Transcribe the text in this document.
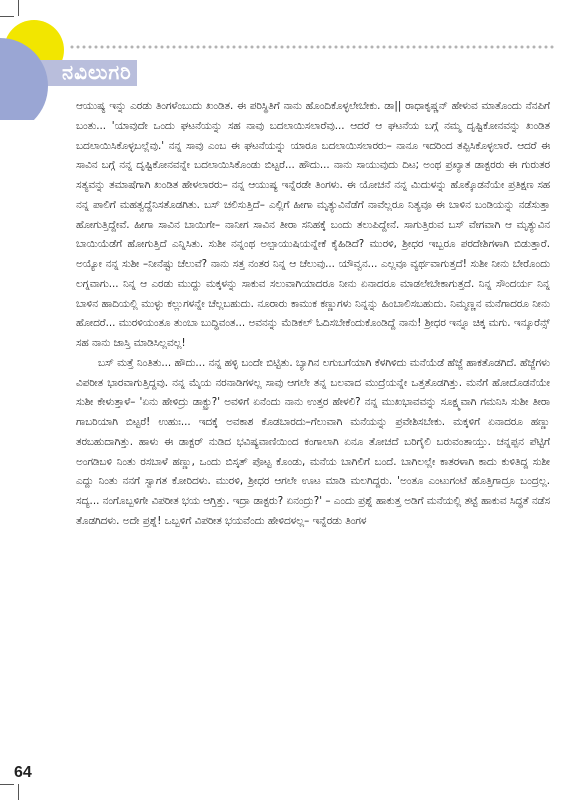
ನವಿಲುಗರಿ

ಆಯುಷ್ಯ ಇನ್ನು ಎರಡು ತಿಂಗಳೆಂಬುದು ಖಂಡಿತ. ಈ ಪರಿಸ್ಥಿತಿಗೆ ನಾನು ಹೊಂದಿಕೊಳ್ಳಲೇಬೇಕು. ಡಾ|| ರಾಧಾಕೃಷ್ಣನ್ ಹೇಳುವ ಮಾತೊಂದು ನೆನಪಿಗೆ ಬಂತು... 'ಯಾವುದೇ ಒಂದು ಘಟನೆಯನ್ನು ಸಹ ನಾವು ಬದಲಾಯಿಸಲಾರೆವು... ಆದರೆ ಆ ಘಟನೆಯ ಬಗ್ಗೆ ನಮ್ಮ ದೃಷ್ಟಿಕೋನವನ್ನು ಖಂಡಿತ ಬದಲಾಯಿಸಿಕೊಳ್ಳಬಲ್ಲೆವು.' ನನ್ನ ಸಾವು ಎಂಬ ಈ ಘಟನೆಯನ್ನು ಯಾರೂ ಬದಲಾಯಿಸಲಾರರು– ನಾನೂ ಇದರಿಂದ ತಪ್ಪಿಸಿಕೊಳ್ಳಲಾರೆ. ಆದರೆ ಈ ಸಾವಿನ ಬಗ್ಗೆ ನನ್ನ ದೃಷ್ಟಿಕೋನವನ್ನೇ ಬದಲಾಯಿಸಿಕೊಂಡು ಬಿಟ್ಟರೆ... ಹೌದು... ನಾನು ಸಾಯುವುದು ದಿಟ; ಅಂಥ ಪ್ರಖ್ಯಾತ ಡಾಕ್ಟರರು ಈ ಗುರುತರ ಸತ್ಯವನ್ನು ತಮಾಷೆಗಾಗಿ ಖಂಡಿತ ಹೇಳಲಾರರು– ನನ್ನ ಆಯುಷ್ಯ ಇನ್ನೆರಡೇ ತಿಂಗಳು. ಈ ಯೋಚನೆ ನನ್ನ ಮಿದುಳನ್ನು ಹೊಕ್ಕೊಡನೆಯೇ ಪ್ರತಿಕ್ಷಣ ಸಹ ನನ್ನ ಪಾಲಿಗೆ ಮಹತ್ವದ್ದೆನಿಸತೊಡಗಿತು. ಬಸ್ ಚಲಿಸುತ್ತಿದೆ– ಎಲ್ಲಿಗೆ ಹೀಗಾ ಮೃತ್ಯುವಿನೆಡೆಗೆ ನಾವೆಲ್ಲರೂ ನಿತ್ಯವೂ ಈ ಬಾಳಿನ ಬಂಡಿಯನ್ನು ನಡೆಸುತ್ತಾ ಹೋಗುತ್ತಿದ್ದೇವೆ. ಹೀಗಾ ಸಾವಿನ ಬಾಯಿಗೇ– ನಾನೀಗ ಸಾವಿನ ತೀರಾ ಸನಿಹಕ್ಕೆ ಬಂದು ತಲುಪಿದ್ದೇನೆ. ಸಾಗುತ್ತಿರುವ ಬಸ್ ವೇಗವಾಗಿ ಆ ಮೃತ್ಯುವಿನ ಬಾಯಿಯೆಡೆಗೆ ಹೋಗುತ್ತಿದೆ ಎನ್ನಿಸಿತು. ಸುಶೀ ನನ್ನಂಥ ಅಲ್ಪಾಯುಷಿಯನ್ನೇಕೆ ಕೈಹಿಡಿದೆ? ಮುರಳಿ, ಶ್ರೀಧರ ಇಬ್ಬರೂ ಪರದೇಶಿಗಳಾಗಿ ಬಿಡುತ್ತಾರೆ. ಅಯ್ಯೋ ನನ್ನ ಸುಶೀ –ನೀನೆಷ್ಟು ಚೆಲುವೆ? ನಾನು ಸತ್ತ ನಂತರ ನಿನ್ನ ಆ ಚೆಲುವು... ಯೌವ್ವನ... ಎಲ್ಲವೂ ವ್ಯರ್ಥವಾಗುತ್ತದೆ! ಸುಶೀ ನೀನು ಬೇರೊಂದು ಲಗ್ನವಾಗು... ನಿನ್ನ ಆ ಎರಡು ಮುದ್ದು ಮಕ್ಕಳನ್ನು ಸಾಕುವ ಸಲುವಾಗಿಯಾದರೂ ನೀನು ಏನಾದರೂ ಮಾಡಲೇಬೇಕಾಗುತ್ತದೆ. ನಿನ್ನ ಸೌಂದರ್ಯ ನಿನ್ನ ಬಾಳಿನ ಹಾದಿಯಲ್ಲಿ ಮುಳ್ಳು ಕಲ್ಲುಗಳನ್ನೇ ಚೆಲ್ಲಬಹುದು. ನೂರಾರು ಕಾಮುಕ ಕಣ್ಣುಗಳು ನಿನ್ನನ್ನು ಹಿಂಬಾಲಿಸಬಹುದು. ನಿಮ್ಮಣ್ಣನ ಮನೆಗಾದರೂ ನೀನು ಹೋದರೆ... ಮುರಳಿಯಂತೂ ತುಂಬಾ ಬುದ್ಧಿವಂತ... ಅವನನ್ನು ಮೆಡಿಕಲ್ ಓದಿಸಬೇಕೆಂದುಕೊಂಡಿದ್ದೆ ನಾನು! ಶ್ರೀಧರ ಇನ್ನೂ ಚಿಕ್ಕ ಮಗು. ಇನ್ಶೂರೆನ್ಸ್ ಸಹ ನಾನು ಜಾಸ್ತಿ ಮಾಡಿಸಿಲ್ಲವಲ್ಲ!

ಬಸ್ ಮತ್ತೆ ನಿಂತಿತು... ಹೌದು... ನನ್ನ ಹಳ್ಳಿ ಬಂದೇ ಬಿಟ್ಟಿತು. ಬ್ಯಾಗಿನ ಲಗುಬಗೆಯಾಗಿ ಕೆಳಗಿಳಿದು ಮನೆಯೆಡೆ ಹೆಜ್ಜೆ ಹಾಕತೊಡಗಿದೆ. ಹೆಜ್ಜೆಗಳು ವಿಪರೀತ ಭಾರವಾಗುತ್ತಿದ್ದವು. ನನ್ನ ಮೈಯ ನರನಾಡಿಗಳಲ್ಲ ಸಾವು ಆಗಲೇ ತನ್ನ ಬಲವಾದ ಮುದ್ರೆಯನ್ನೇ ಒತ್ತತೊಡಗಿತ್ತು. ಮನೆಗೆ ಹೋದೊಡನೆಯೇ ಸುಶೀ ಕೇಳುತ್ತಾಳೆ– 'ಏನು ಹೇಳಿದ್ರು ಡಾಕ್ಟ್ರು?' ಅವಳಿಗೆ ಏನೆಂದು ನಾನು ಉತ್ತರ ಹೇಳಲಿ? ನನ್ನ ಮುಖಭಾವವನ್ನು ಸೂಕ್ಷ್ಮವಾಗಿ ಗಮನಿಸಿ ಸುಶೀ ತೀರಾ ಗಾಬರಿಯಾಗಿ ಬಿಟ್ಟರೆ! ಉಹುಃ... ಇದಕ್ಕೆ ಅವಕಾಶ ಕೊಡಬಾರದು–ಗೆಲುವಾಗಿ ಮನೆಯನ್ನು ಪ್ರವೇಶಿಸಬೇಕು. ಮಕ್ಕಳಿಗೆ ಏನಾದರೂ ಹಣ್ಣು ತರಬಹುದಾಗಿತ್ತು. ಹಾಳು ಈ ಡಾಕ್ಟರ್ ನುಡಿದ ಭವಿಷ್ಯವಾಣಿಯಿಂದ ಕಂಗಾಲಾಗಿ ಏನೂ ತೋಚದೆ ಬರಿಗೈಲಿ ಬರುವಂತಾಯ್ತು. ಚನ್ನಪ್ಪನ ಪೆಟ್ಟಿಗೆ ಅಂಗಡಿಬಳಿ ನಿಂತು ರಸಬಾಳೆ ಹಣ್ಣು, ಒಂದು ಬಿಸ್ಕತ್ ಪೊಟ್ಟ ಕೊಂಡು, ಮನೆಯ ಬಾಗಿಲಿಗೆ ಬಂದೆ. ಬಾಗಿಲಲ್ಲೇ ಕಾತರಳಾಗಿ ಕಾದು ಕುಳಿತಿದ್ದ ಸುಶೀ ಎದ್ದು ನಿಂತು ನನಗೆ ಸ್ವಾಗತ ಕೋರಿದಳು. ಮುರಳಿ, ಶ್ರೀಧರ ಆಗಲೇ ಊಟ ಮಾಡಿ ಮಲಗಿದ್ದರು. 'ಅಂತೂ ಎಂಟುಗಂಟೆ ಹೊತ್ತಿಗಾದ್ರೂ ಬಂದ್ರಲ್ಲ. ಸದ್ಯ... ನಂಗೊಬ್ಬಳಿಗೇ ವಿಪರೀತ ಭಯ ಆಗ್ತಿತ್ತು. ಇದ್ರಾ ಡಾಕ್ಟರು? ಏನಂದ್ರು?' – ಎಂದು ಪ್ರಶ್ನೆ ಹಾಕುತ್ತ ಅಡಿಗೆ ಮನೆಯಲ್ಲಿ ತಟ್ಟೆ ಹಾಕುವ ಸಿದ್ಧತೆ ನಡೆಸ ತೊಡಗಿದಳು. ಅದೇ ಪ್ರಶ್ನೆ! ಒಬ್ಬಳಿಗೆ ವಿಪರೀತ ಭಯವೆಂದು ಹೇಳಿದಳಲ್ಲ– ಇನ್ನೆರಡು ತಿಂಗಳ

64
